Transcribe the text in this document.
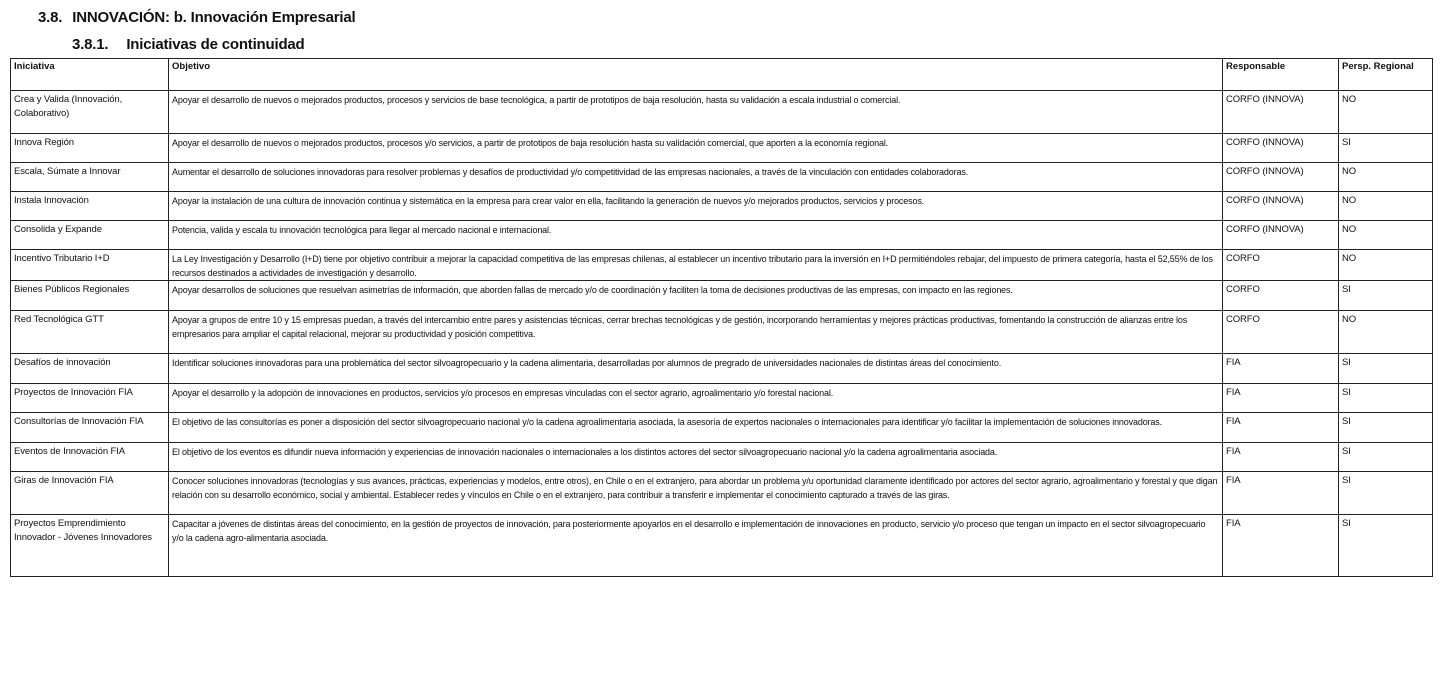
3.8. INNOVACIÓN: b. Innovación Empresarial
3.8.1. Iniciativas de continuidad
Iniciativa	Objetivo	Responsable	Persp. Regional
Crea y Valida (Innovación, Colaborativo)	Apoyar el desarrollo de nuevos o mejorados productos, procesos y servicios de base tecnológica, a partir de prototipos de baja resolución, hasta su validación a escala industrial o comercial.	CORFO (INNOVA)	NO
Innova Región	Apoyar el desarrollo de nuevos o mejorados productos, procesos y/o servicios, a partir de prototipos de baja resolución hasta su validación comercial, que aporten a la economía regional.	CORFO (INNOVA)	SI
Escala, Súmate a Innovar	Aumentar el desarrollo de soluciones innovadoras para resolver problemas y desafíos de productividad y/o competitividad de las empresas nacionales, a través de la vinculación con entidades colaboradoras.	CORFO (INNOVA)	NO
Instala Innovación	Apoyar la instalación de una cultura de innovación continua y sistemática en la empresa para crear valor en ella, facilitando la generación de nuevos y/o mejorados productos, servicios y procesos.	CORFO (INNOVA)	NO
Consolida y Expande	Potencia, valida y escala tu innovación tecnológica para llegar al mercado nacional e internacional.	CORFO (INNOVA)	NO
Incentivo Tributario I+D	La Ley Investigación y Desarrollo (I+D) tiene por objetivo contribuir a mejorar la capacidad competitiva de las empresas chilenas, al establecer un incentivo tributario para la inversión en I+D permitiéndoles rebajar, del impuesto de primera categoría, hasta el 52,55% de los recursos destinados a actividades de investigación y desarrollo.	CORFO	NO
Bienes Públicos Regionales	Apoyar desarrollos de soluciones que resuelvan asimetrías de información, que aborden fallas de mercado y/o de coordinación y faciliten la toma de decisiones productivas de las empresas, con impacto en las regiones.	CORFO	SI
Red Tecnológica GTT	Apoyar a grupos de entre 10 y 15 empresas puedan, a través del intercambio entre pares y asistencias técnicas, cerrar brechas tecnológicas y de gestión, incorporando herramientas y mejores prácticas productivas, fomentando la construcción de alianzas entre los empresarios para ampliar el capital relacional, mejorar su productividad y posición competitiva.	CORFO	NO
Desafíos de innovación	Identificar soluciones innovadoras para una problemática del sector silvoagropecuario y la cadena alimentaria, desarrolladas por alumnos de pregrado de universidades nacionales de distintas áreas del conocimiento.	FIA	SI
Proyectos de Innovación FIA	Apoyar el desarrollo y la adopción de innovaciones en productos, servicios y/o procesos en empresas vinculadas con el sector agrario, agroalimentario y/o forestal nacional.	FIA	SI
Consultorías de Innovación FIA	El objetivo de las consultorías es poner a disposición del sector silvoagropecuario nacional y/o la cadena agroalimentaria asociada, la asesoría de expertos nacionales o internacionales para identificar y/o facilitar la implementación de soluciones innovadoras.	FIA	SI
Eventos de Innovación FIA	El objetivo de los eventos es difundir nueva información y experiencias de innovación nacionales o internacionales a los distintos actores del sector silvoagropecuario nacional y/o la cadena agroalimentaria asociada.	FIA	SI
Giras de Innovación FIA	Conocer soluciones innovadoras (tecnologías y sus avances, prácticas, experiencias y modelos, entre otros), en Chile o en el extranjero, para abordar un problema y/u oportunidad claramente identificado por actores del sector agrario, agroalimentario y forestal y que digan relación con su desarrollo económico, social y ambiental. Establecer redes y vínculos en Chile o en el extranjero, para contribuir a transferir e implementar el conocimiento capturado a través de las giras.	FIA	SI
Proyectos Emprendimiento Innovador - Jóvenes Innovadores	Capacitar a jóvenes de distintas áreas del conocimiento, en la gestión de proyectos de innovación, para posteriormente apoyarlos en el desarrollo e implementación de innovaciones en producto, servicio y/o proceso que tengan un impacto en el sector silvoagropecuario y/o la cadena agro-alimentaria asociada.	FIA	SI
